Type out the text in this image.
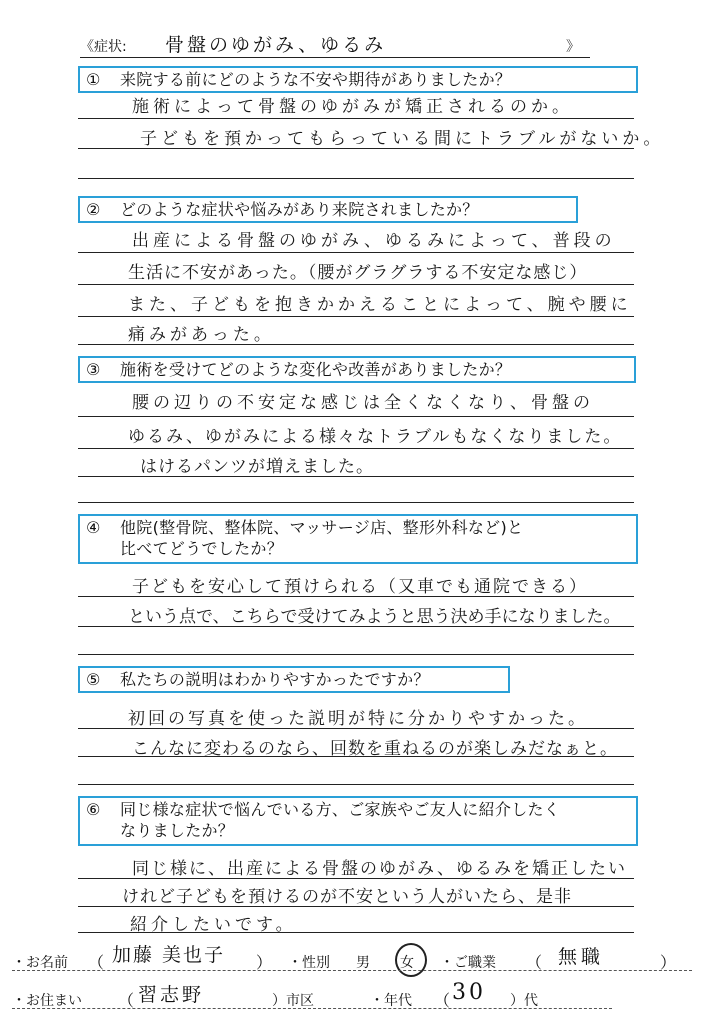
《症状: 骨盤のゆがみ、ゆるみ	》
① 来院する前にどのような不安や期待がありましたか？
施術によって骨盤のゆがみが矯正されるのか。
子どもを預かってもらっている間にトラブルがないか。
② どのような症状や悩みがあり来院されましたか？
出産による骨盤のゆがみ、ゆるみによって、普段の
生活に不安があった。（腰がグラグラする不安定な感じ）
また、子どもを抱きかかえることによって、腕や腰に
痛みがあった。
③ 施術を受けてどのような変化や改善がありましたか？
腰の辺りの不安定な感じは全くなくなり、骨盤の
ゆるみ、ゆがみによる様々なトラブルもなくなりました。
はけるパンツが増えました。
④ 他院(整骨院、整体院、マッサージ店、整形外科など)と
比べてどうでしたか？
子どもを安心して預けられる（又車でも通院できる）
という点で、こちらで受けてみようと思う決め手になりました。
⑤ 私たちの説明はわかりやすかったですか？
初回の写真を使った説明が特に分かりやすかった。
こんなに変わるのなら、回数を重ねるのが楽しみだなぁと。
⑥ 同じ様な症状で悩んでいる方、ご家族やご友人に紹介したく
なりましたか？
同じ様に、出産による骨盤のゆがみ、ゆるみを矯正したい
けれど子どもを預けるのが不安という人がいたら、是非
紹介したいです。
・お名前 （ 加藤 美也子 ） ・性別 男 女 ・ご職業 （ 無職	）
・お住まい （ 習志野	）市区	・年代 （ 30 ）代
